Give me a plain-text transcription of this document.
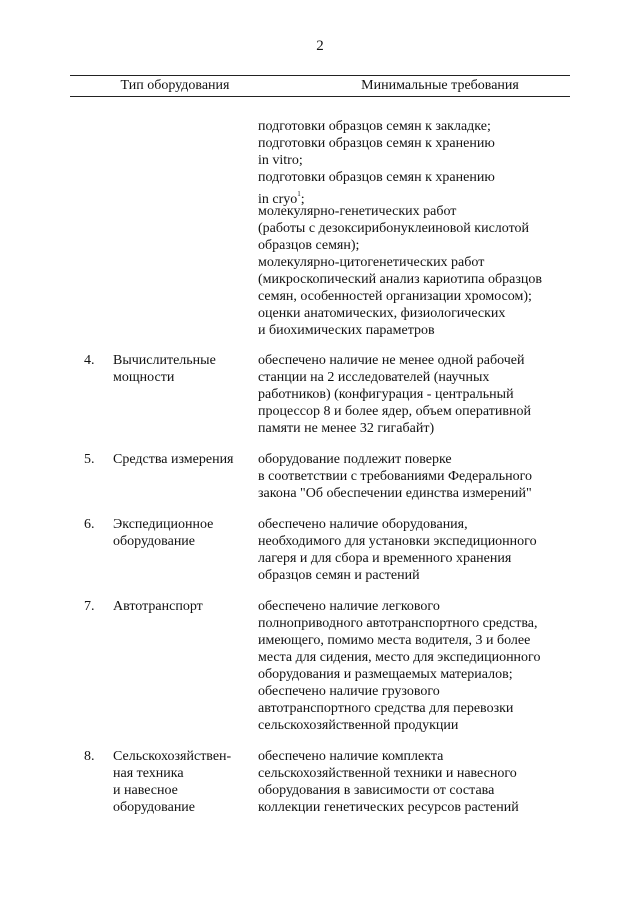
2
Тип оборудования	Минимальные требования
подготовки образцов семян к закладке;
подготовки образцов семян к хранению
in vitro;
подготовки образцов семян к хранению
in cryo$^1$;
молекулярно-генетических работ
(работы с дезоксирибонуклеиновой кислотой
образцов семян);
молекулярно-цитогенетических работ
(микроскопический анализ кариотипа образцов
семян, особенностей организации хромосом);
оценки анатомических, физиологических
и биохимических параметров
4. Вычислительные
мощности
обеспечено наличие не менее одной рабочей
станции на 2 исследователей (научных
работников) (конфигурация - центральный
процессор 8 и более ядер, объем оперативной
памяти не менее 32 гигабайт)
5. Средства измерения оборудование подлежит поверке
в соответствии с требованиями Федерального
закона "Об обеспечении единства измерений"
6. Экспедиционное
оборудование
обеспечено наличие оборудования,
необходимого для установки экспедиционного
лагеря и для сбора и временного хранения
образцов семян и растений
7. Автотранспорт	обеспечено наличие легкового
полноприводного автотранспортного средства,
имеющего, помимо места водителя, 3 и более
места для сидения, место для экспедиционного
оборудования и размещаемых материалов;
обеспечено наличие грузового
автотранспортного средства для перевозки
сельскохозяйственной продукции
8. Сельскохозяйствен-
ная техника
и навесное
оборудование
обеспечено наличие комплекта
сельскохозяйственной техники и навесного
оборудования в зависимости от состава
коллекции генетических ресурсов растений
